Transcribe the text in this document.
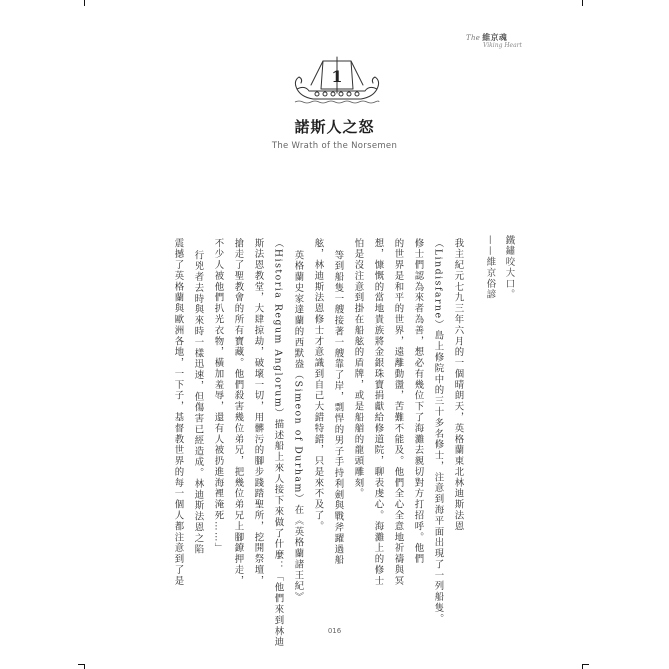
The 維京魂
Viking Heart
1
諾斯人之怒
The Wrath of the Norsemen
鐵鏽咬大口。
——維京俗諺
我主紀元七九三年六月的一個晴朗天，英格蘭東北林迪斯法恩
（Lindisfarne）島上修院中的三十多名修士，注意到海平面出現了一列船隻。
修士們認為來者為善，想必有幾位下了海灘去親切對方打招呼。他們
的世界是和平的世界，遠離動盪，苦難不能及。他們全心全意地祈禱與冥
想，慷慨的當地貴族將金銀珠寶捐獻給修道院，聊表虔心。海灘上的修士
怕是沒注意到掛在船舷的盾牌，或是船艏的龍頭雕刻。
等到船隻一艘接著一艘靠了岸，剽悍的男子手持利劍與戰斧躍過船
舷，林迪斯法恩修士才意識到自己大錯特錯，只是來不及了。
英格蘭史家達蘭的西默盎（Simeon of Durham）在《英格蘭諸王紀》
（Historia Regum Anglorum）描述船上來人接下來做了什麼：「他們來到林迪
斯法恩教堂，大肆掠劫，破壞一切，用髒污的腳步踐踏聖所，挖開祭壇，
搶走了聖教會的所有寶藏。他們殺害幾位弟兄，把幾位弟兄上腳鐐押走，
不少人被他們扒光衣物，橫加羞辱，還有人被扔進海裡淹死……」
行兇者去時與來時一樣迅速，但傷害已經造成。林迪斯法恩之陷
震撼了英格蘭與歐洲各地，一下子，基督教世界的每一個人都注意到了是
016
